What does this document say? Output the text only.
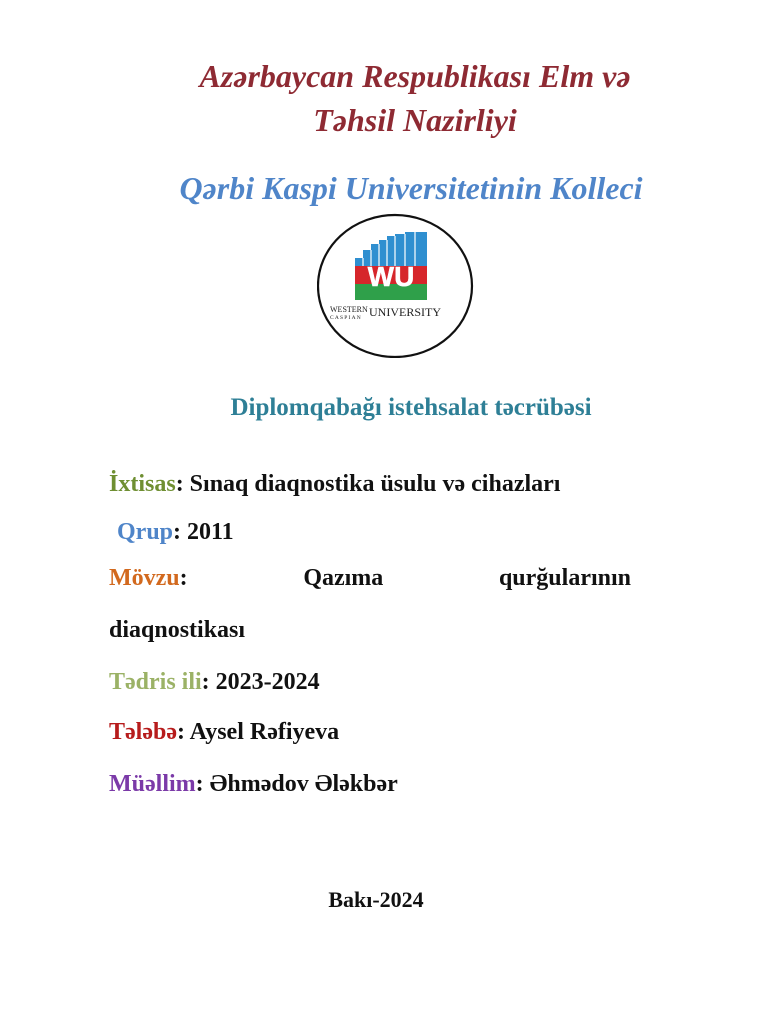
Azərbaycan Respublikası Elm və
Təhsil Nazirliyi
Qərbi Kaspi Universitetinin Kolleci
WU
WESTERN
CASPIAN UNIVERSITY
Diplomqabağı istehsalat təcrübəsi
İxtisas: Sınaq diaqnostika üsulu və cihazları
Qrup: 2011
Mövzu:	Qazıma	qurğularının
diaqnostikası
Tədris ili: 2023-2024
Tələbə: Aysel Rəfiyeva
Müəllim: Əhmədov Ələkbər
Bakı-2024
